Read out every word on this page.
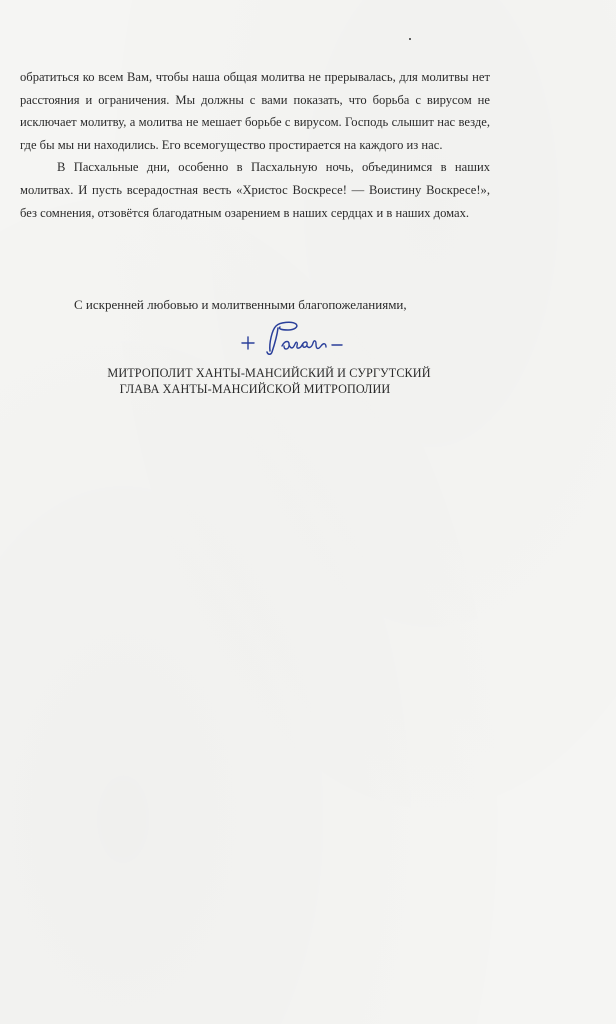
обратиться ко всем Вам, чтобы наша общая молитва не прерывалась, для молитвы нет расстояния и ограничения. Мы должны с вами показать, что борьба с вирусом не исключает молитву, а молитва не мешает борьбе с вирусом. Господь слышит нас везде, где бы мы ни находились. Его всемогущество простирается на каждого из нас.

В Пасхальные дни, особенно в Пасхальную ночь, объединимся в наших молитвах. И пусть всерадостная весть «Христос Воскресе! — Воистину Воскресе!», без сомнения, отзовётся благодатным озарением в наших сердцах и в наших домах.

С искренней любовью и молитвенными благопожеланиями,
МИТРОПОЛИТ ХАНТЫ-МАНСИЙСКИЙ И СУРГУТСКИЙ
ГЛАВА ХАНТЫ-МАНСИЙСКОЙ МИТРОПОЛИИ
